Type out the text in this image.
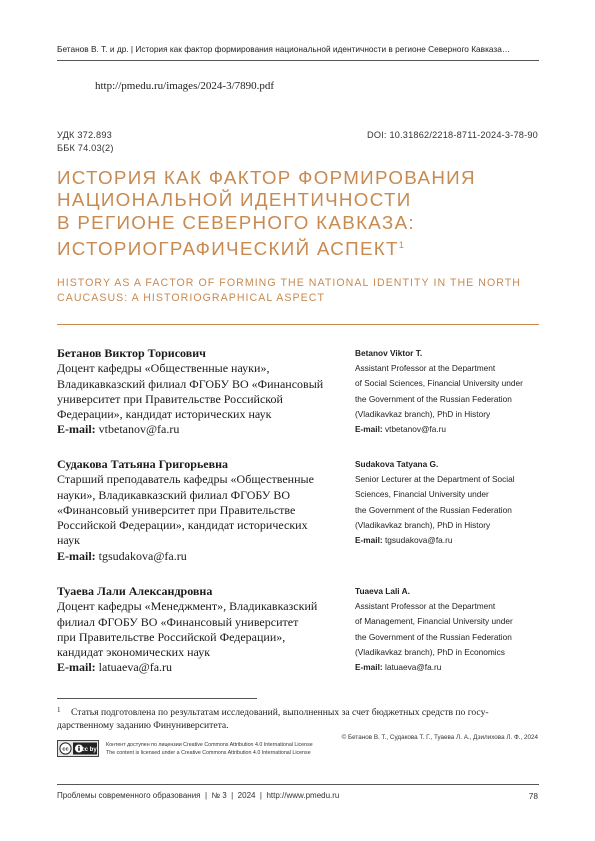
Бетанов В. Т. и др. | История как фактор формирования национальной идентичности в регионе Северного Кавказа…
http://pmedu.ru/images/2024-3/7890.pdf
УДК 372.893
ББК 74.03(2)
DOI: 10.31862/2218-8711-2024-3-78-90
ИСТОРИЯ КАК ФАКТОР ФОРМИРОВАНИЯ
НАЦИОНАЛЬНОЙ ИДЕНТИЧНОСТИ
В РЕГИОНЕ СЕВЕРНОГО КАВКАЗА:
ИСТОРИОГРАФИЧЕСКИЙ АСПЕКТ$^1$
HISTORY AS A FACTOR OF FORMING THE NATIONAL IDENTITY IN THE NORTH
CAUCASUS: A HISTORIOGRAPHICAL ASPECT
Бетанов Виктор Торисович
Доцент кафедры «Общественные науки»,
Владикавказский филиал ФГОБУ ВО «Финансовый
университет при Правительстве Российской
Федерации», кандидат исторических наук
E-mail: vtbetanov@fa.ru
Betanov Viktor T.
Assistant Professor at the Department
of Social Sciences, Financial University under
the Government of the Russian Federation
(Vladikavkaz branch), PhD in History
E-mail: vtbetanov@fa.ru
Судакова Татьяна Григорьевна
Старший преподаватель кафедры «Общественные
науки», Владикавказский филиал ФГОБУ ВО
«Финансовый университет при Правительстве
Российской Федерации», кандидат исторических
наук
E-mail: tgsudakova@fa.ru
Sudakova Tatyana G.
Senior Lecturer at the Department of Social
Sciences, Financial University under
the Government of the Russian Federation
(Vladikavkaz branch), PhD in History
E-mail: tgsudakova@fa.ru
Туаева Лали Александровна
Доцент кафедры «Менеджмент», Владикавказский
филиал ФГОБУ ВО «Финансовый университет
при Правительстве Российской Федерации»,
кандидат экономических наук
E-mail: latuaeva@fa.ru
Tuaeva Lali A.
Assistant Professor at the Department
of Management, Financial University under
the Government of the Russian Federation
(Vladikavkaz branch), PhD in Economics
E-mail: latuaeva@fa.ru
1 Статья подготовлена по результатам исследований, выполненных за счет бюджетных средств по госу-
дарственному заданию Финуниверситета.
cc cc by
Контент доступен по лицензии Creative Commons Attribution 4.0 International License
The content is licensed under a Creative Commons Attribution 4.0 International License
© Бетанов В. Т., Судакова Т. Г., Туаева Л. А., Дзилихова Л. Ф., 2024
Проблемы современного образования  |  № 3  |  2024  |  http://www.pmedu.ru	78
